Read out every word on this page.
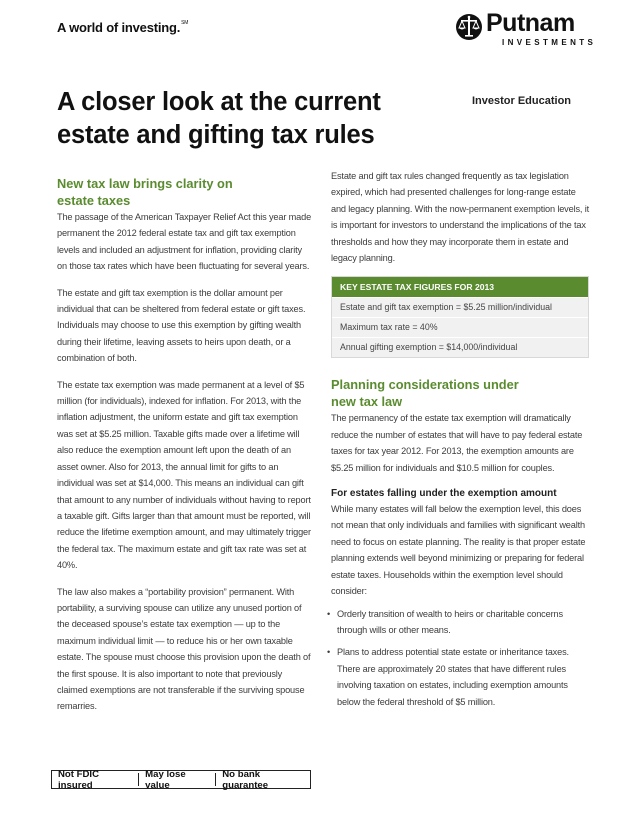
A world of investing.℠	Putnam
INVESTMENTS
A closer look at the current estate and gifting tax rules
Investor Education
New tax law brings clarity on estate taxes

The passage of the American Taxpayer Relief Act this year made permanent the 2012 federal estate tax and gift tax exemption levels and included an adjustment for inflation, providing clarity on those tax rates which have been fluctuating for several years.

The estate and gift tax exemption is the dollar amount per individual that can be sheltered from federal estate or gift taxes. Individuals may choose to use this exemption by gifting wealth during their lifetime, leaving assets to heirs upon death, or a combination of both.

The estate tax exemption was made permanent at a level of $5 million (for individuals), indexed for inflation. For 2013, with the inflation adjustment, the uniform estate and gift tax exemption was set at $5.25 million. Taxable gifts made over a lifetime will also reduce the exemption amount left upon the death of an asset owner. Also for 2013, the annual limit for gifts to an individual was set at $14,000. This means an individual can gift that amount to any number of individuals without having to report a taxable gift. Gifts larger than that amount must be reported, will reduce the lifetime exemption amount, and may ultimately trigger the federal tax. The maximum estate and gift tax rate was set at 40%.

The law also makes a “portability provision” permanent. With portability, a surviving spouse can utilize any unused portion of the deceased spouse’s estate tax exemption — up to the maximum individual limit — to reduce his or her own taxable estate. The spouse must choose this provision upon the death of the first spouse. It is also important to note that previously claimed exemptions are not transferable if the surviving spouse remarries.

Estate and gift tax rules changed frequently as tax legislation expired, which had presented challenges for long-range estate and legacy planning. With the now-permanent exemption levels, it is important for investors to understand the implications of the tax thresholds and how they may incorporate them in estate and legacy planning.

KEY ESTATE TAX FIGURES FOR 2013
Estate and gift tax exemption = $5.25 million/individual
Maximum tax rate = 40%
Annual gifting exemption = $14,000/individual
Planning considerations under new tax law

The permanency of the estate tax exemption will dramatically reduce the number of estates that will have to pay federal estate taxes for tax year 2012. For 2013, the exemption amounts are $5.25 million for individuals and $10.5 million for couples.

For estates falling under the exemption amount

While many estates will fall below the exemption level, this does not mean that only individuals and families with significant wealth need to focus on estate planning. The reality is that proper estate planning extends well beyond minimizing or preparing for federal estate taxes. Households within the exemption level should consider:

• Orderly transition of wealth to heirs or charitable concerns through wills or other means.

• Plans to address potential state estate or inheritance taxes. There are approximately 20 states that have different rules involving taxation on estates, including exemption amounts below the federal threshold of $5 million.

Not FDIC insured
May lose value
No bank guarantee
